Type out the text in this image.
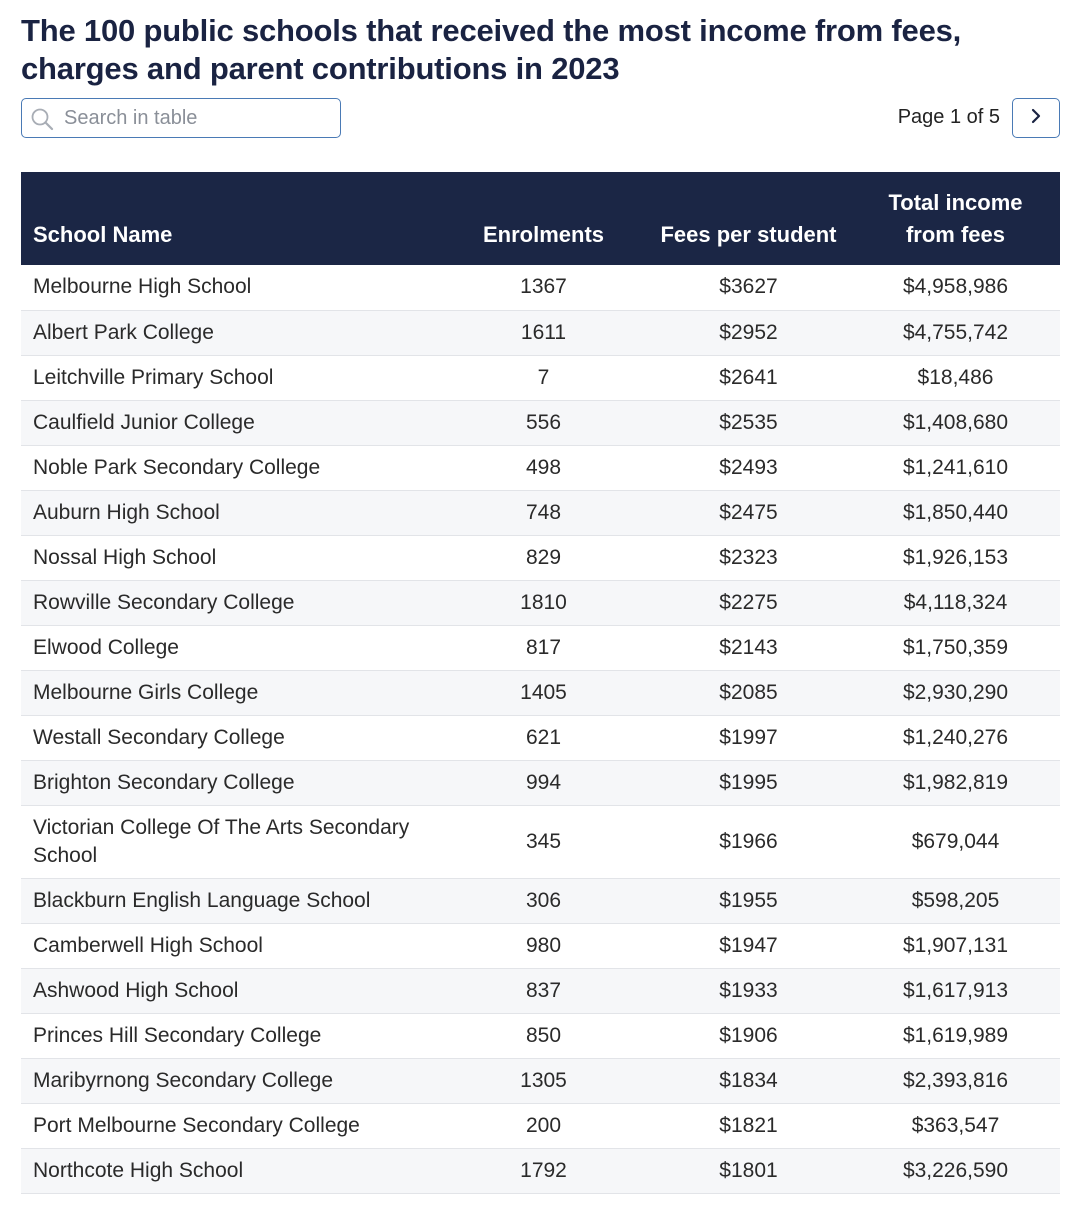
The 100 public schools that received the most income from fees, charges and parent contributions in 2023
Search in table
Page 1 of 5
School Name	Enrolments	Fees per student	Total income from fees
Melbourne High School	1367	$3627	$4,958,986
Albert Park College	1611	$2952	$4,755,742
Leitchville Primary School	7	$2641	$18,486
Caulfield Junior College	556	$2535	$1,408,680
Noble Park Secondary College	498	$2493	$1,241,610
Auburn High School	748	$2475	$1,850,440
Nossal High School	829	$2323	$1,926,153
Rowville Secondary College	1810	$2275	$4,118,324
Elwood College	817	$2143	$1,750,359
Melbourne Girls College	1405	$2085	$2,930,290
Westall Secondary College	621	$1997	$1,240,276
Brighton Secondary College	994	$1995	$1,982,819
Victorian College Of The Arts Secondary School	345	$1966	$679,044
Blackburn English Language School	306	$1955	$598,205
Camberwell High School	980	$1947	$1,907,131
Ashwood High School	837	$1933	$1,617,913
Princes Hill Secondary College	850	$1906	$1,619,989
Maribyrnong Secondary College	1305	$1834	$2,393,816
Port Melbourne Secondary College	200	$1821	$363,547
Northcote High School	1792	$1801	$3,226,590
